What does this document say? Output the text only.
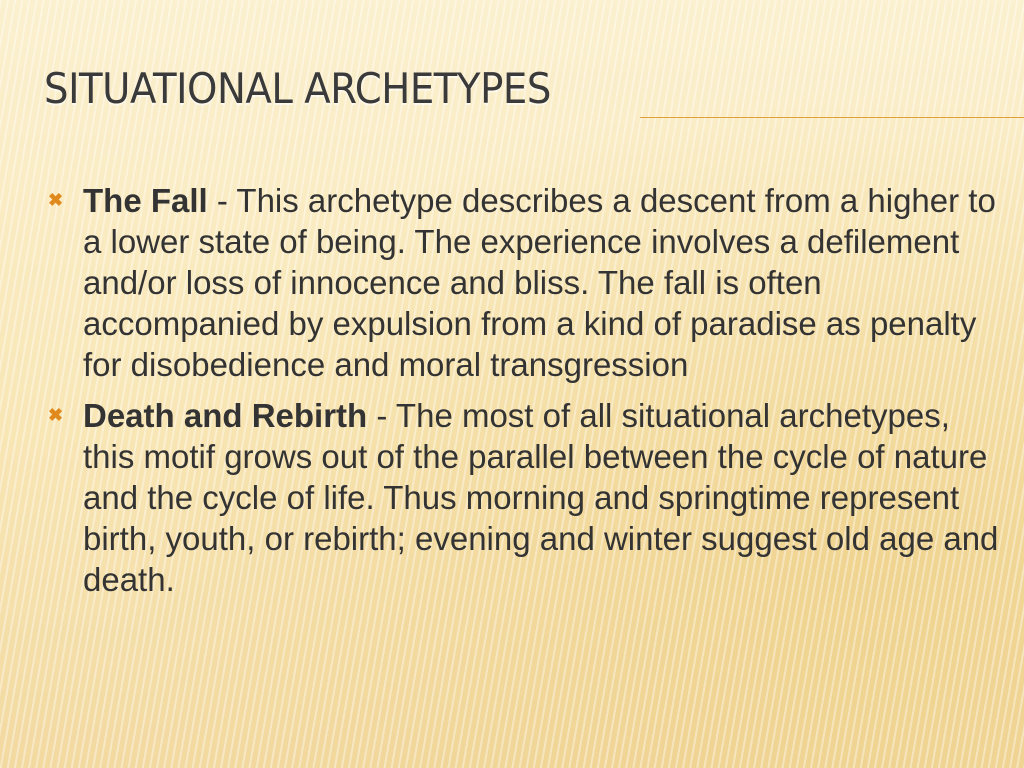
SITUATIONAL ARCHETYPES
✖ The Fall - This archetype describes a descent from a higher to a lower state of being. The experience involves a defilement and/or loss of innocence and bliss. The fall is often accompanied by expulsion from a kind of paradise as penalty for disobedience and moral transgression
✖ Death and Rebirth - The most of all situational archetypes, this motif grows out of the parallel between the cycle of nature and the cycle of life. Thus morning and springtime represent birth, youth, or rebirth; evening and winter suggest old age and death.
